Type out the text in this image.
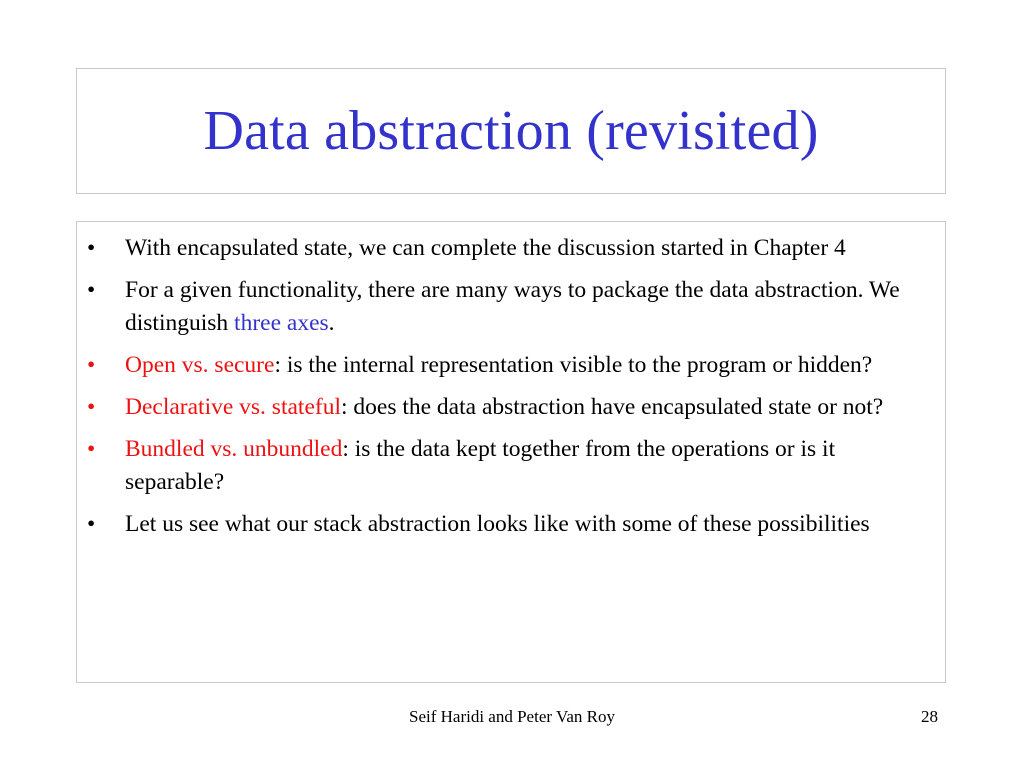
Data abstraction (revisited)
• With encapsulated state, we can complete the discussion started in Chapter 4
• For a given functionality, there are many ways to package the data abstraction. We distinguish three axes.
• Open vs. secure: is the internal representation visible to the program or hidden?
• Declarative vs. stateful: does the data abstraction have encapsulated state or not?
• Bundled vs. unbundled: is the data kept together from the operations or is it separable?
• Let us see what our stack abstraction looks like with some of these possibilities
Seif Haridi and Peter Van Roy	28
